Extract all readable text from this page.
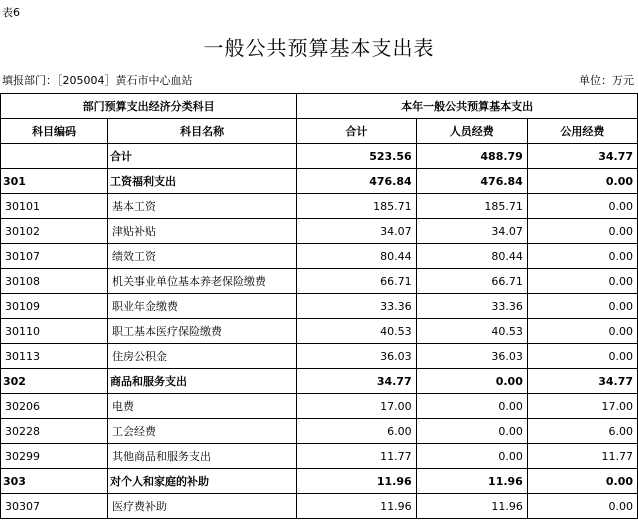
表6
一般公共预算基本支出表
填报部门：［205004］黄石市中心血站	单位：万元
部门预算支出经济分类科目		本年一般公共预算基本支出		
科目编码	科目名称	合计	人员经费	公用经费
	合计	523.56	488.79	34.77
301	工资福利支出	476.84	476.84	0.00
30101	基本工资	185.71	185.71	0.00
30102	津贴补贴	34.07	34.07	0.00
30107	绩效工资	80.44	80.44	0.00
30108	机关事业单位基本养老保险缴费	66.71	66.71	0.00
30109	职业年金缴费	33.36	33.36	0.00
30110	职工基本医疗保险缴费	40.53	40.53	0.00
30113	住房公积金	36.03	36.03	0.00
302	商品和服务支出	34.77	0.00	34.77
30206	电费	17.00	0.00	17.00
30228	工会经费	6.00	0.00	6.00
30299	其他商品和服务支出	11.77	0.00	11.77
303	对个人和家庭的补助	11.96	11.96	0.00
30307	医疗费补助	11.96	11.96	0.00
